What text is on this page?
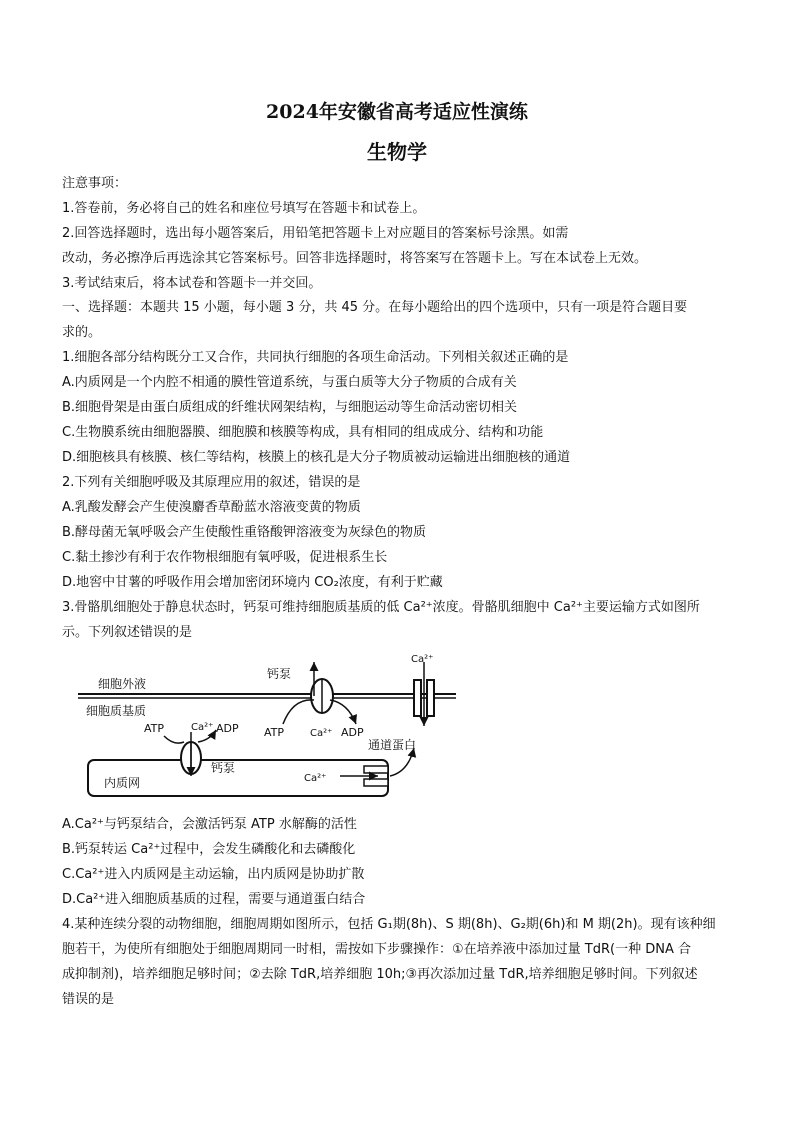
2024年安徽省高考适应性演练
生物学
注意事项：
1.答卷前，务必将自己的姓名和座位号填写在答题卡和试卷上。
2.回答选择题时，选出每小题答案后，用铅笔把答题卡上对应题目的答案标号涂黑。如需
改动，务必擦净后再选涂其它答案标号。回答非选择题时，将答案写在答题卡上。写在本试卷上无效。
3.考试结束后，将本试卷和答题卡一并交回。
一、选择题：本题共 15 小题，每小题 3 分，共 45 分。在每小题给出的四个选项中，只有一项是符合题目要
求的。
1.细胞各部分结构既分工又合作，共同执行细胞的各项生命活动。下列相关叙述正确的是
A.内质网是一个内腔不相通的膜性管道系统，与蛋白质等大分子物质的合成有关
B.细胞骨架是由蛋白质组成的纤维状网架结构，与细胞运动等生命活动密切相关
C.生物膜系统由细胞器膜、细胞膜和核膜等构成，具有相同的组成成分、结构和功能
D.细胞核具有核膜、核仁等结构，核膜上的核孔是大分子物质被动运输进出细胞核的通道
2.下列有关细胞呼吸及其原理应用的叙述，错误的是
A.乳酸发酵会产生使溴麝香草酚蓝水溶液变黄的物质
B.酵母菌无氧呼吸会产生使酸性重铬酸钾溶液变为灰绿色的物质
C.黏土掺沙有利于农作物根细胞有氧呼吸，促进根系生长
D.地窖中甘薯的呼吸作用会增加密闭环境内 CO₂浓度，有利于贮藏
3.骨骼肌细胞处于静息状态时，钙泵可维持细胞质基质的低 Ca²⁺浓度。骨骼肌细胞中 Ca²⁺主要运输方式如图所
示。下列叙述错误的是
细胞外液
细胞质基质
内质网
钙泵
钙泵
通道蛋白
ATP
ATP	ADP
ADP
Ca²⁺
Ca²⁺
Ca²⁺
Ca²⁺
A.Ca²⁺与钙泵结合，会激活钙泵 ATP 水解酶的活性
B.钙泵转运 Ca²⁺过程中，会发生磷酸化和去磷酸化
C.Ca²⁺进入内质网是主动运输，出内质网是协助扩散
D.Ca²⁺进入细胞质基质的过程，需要与通道蛋白结合
4.某种连续分裂的动物细胞，细胞周期如图所示，包括 G₁期(8h)、S 期(8h)、G₂期(6h)和 M 期(2h)。现有该种细
胞若干，为使所有细胞处于细胞周期同一时相，需按如下步骤操作：①在培养液中添加过量 TdR(一种 DNA 合
成抑制剂)，培养细胞足够时间；②去除 TdR,培养细胞 10h;③再次添加过量 TdR,培养细胞足够时间。下列叙述
错误的是
